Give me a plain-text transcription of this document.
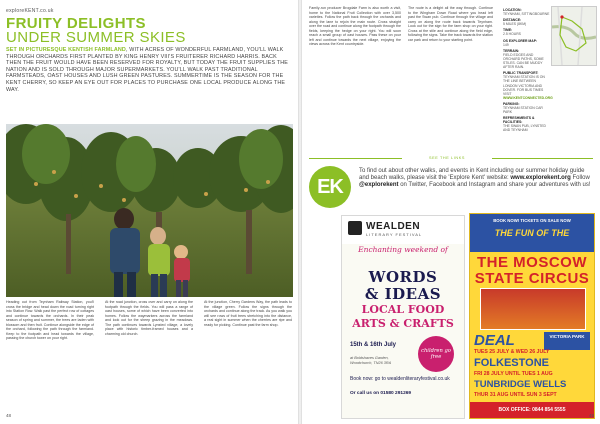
exploreKENT.co.uk
FRUITY DELIGHTS
UNDER SUMMER SKIES
SET IN PICTURESQUE KENTISH FARMLAND, WITH ACRES OF WONDERFUL FARMLAND, YOU'LL WALK THROUGH ORCHARDS FIRST PLANTED BY KING HENRY VIII'S FRUITERER RICHARD HARRIS. BACK THEN THE FRUIT WOULD HAVE BEEN RESERVED FOR ROYALTY, BUT TODAY THE FRUIT SUPPLIES THE NATION AND IS SOLD THROUGH MAJOR SUPERMARKETS. YOU'LL WALK PAST TRADITIONAL FARMSTEADS, OAST HOUSES AND LUSH GREEN PASTURES. SUMMERTIME IS THE SEASON FOR THE KENT CHERRY, SO KEEP AN EYE OUT FOR PLACES TO PURCHASE ONE LOCAL PRODUCE ALONG THE WAY.
Heading out from Teynham Railway Station, you'll cross the bridge and head down the road turning right into Station Row. Walk past the perfect row of cottages and continue towards the orchards. In their peak season of spring and summer, the trees are laden with blossom and then fruit. Continue alongside the edge of the orchard, following the path through the farmland. Keep to the footpath and head towards the village, passing the church tower on your right.
At the road junction, cross over and carry on along the footpath through the fields. You will pass a range of oast houses, some of which have been converted into homes. Follow the waymarkers across the farmland and look out for the sheep grazing in the meadows. The path continues towards Lynsted village, a lovely place with historic timber-framed houses and a charming old church.
At the junction, Cherry Gardens Way, the path leads to the village green. Follow the signs through the orchards and continue along the track. As you walk you will see rows of fruit trees stretching into the distance, a real sight in summer when the cherries are ripe and ready for picking. Continue past the farm shop.
48
Family-run producer Brogdale Farm is also worth a visit, home to the National Fruit Collection with over 3,500 varieties. Follow the path back through the orchards and along the lane to rejoin the main route. Cross straight over the road and continue along the footpath through the fields, keeping the hedge on your right. You will soon reach a small group of oast houses. Pass these on your left and continue towards the next village, enjoying the views across the Kent countryside.
The route is a delight all the way through. Continue to the Wingham Down Road where you head left past the Swan pub. Continue through the village and carry on along the route back towards Teynham. Look out for the sign for the farm shop on your right. Cross at the stile and continue along the field edge, following the signs. Take the track towards the station car park and return to your starting point.
LOCATION:
TEYNHAM, SITTINGBOURNE
DISTANCE:
5 MILES (8KM)
TIME:
2.5 HOURS
OS EXPLORER MAP:
149
TERRAIN:
FIELD EDGES AND ORCHARD PATHS, SOME STILES. CAN BE MUDDY AFTER RAIN.
PUBLIC TRANSPORT:
TEYNHAM STATION IS ON THE LINE BETWEEN LONDON VICTORIA AND DOVER. FOR BUS TIMES VISIT
WWW.KENTCONNECTED.ORG
PARKING:
TEYNHAM STATION CAR PARK
REFRESHMENTS & FACILITIES:
THE SWAN PUB, LYNSTED AND TEYNHAM
SEE THE LINKS
EK
To find out about other walks, and events in Kent including our summer holiday guide and beach walks, please visit the 'Explore Kent' website: www.explorekent.org Follow @explorekent on Twitter, Facebook and Instagram and share your adventures with us!
WEALDEN
LITERARY FESTIVAL
Enchanting weekend of
WORDS
& IDEAS
LOCAL FOOD
ARTS & CRAFTS
15th & 16th July
at Boldshaves Garden, Woodchurch, TN26 3RA
children go free
Book now: go to wealdenliteraryfestival.co.uk
Or call us on 01580 291269
BOOK NOW! TICKETS ON SALE NOW
THE FUN OF THE
THE MOSCOW
STATE CIRCUS
DEAL	VICTORIA PARK
TUES 25 JULY & WED 26 JULY
FOLKESTONE
FRI 28 JULY UNTIL TUES 1 AUG
TUNBRIDGE WELLS
THUR 31 AUG UNTIL SUN 3 SEPT
BOX OFFICE: 0844 854 5555
49
